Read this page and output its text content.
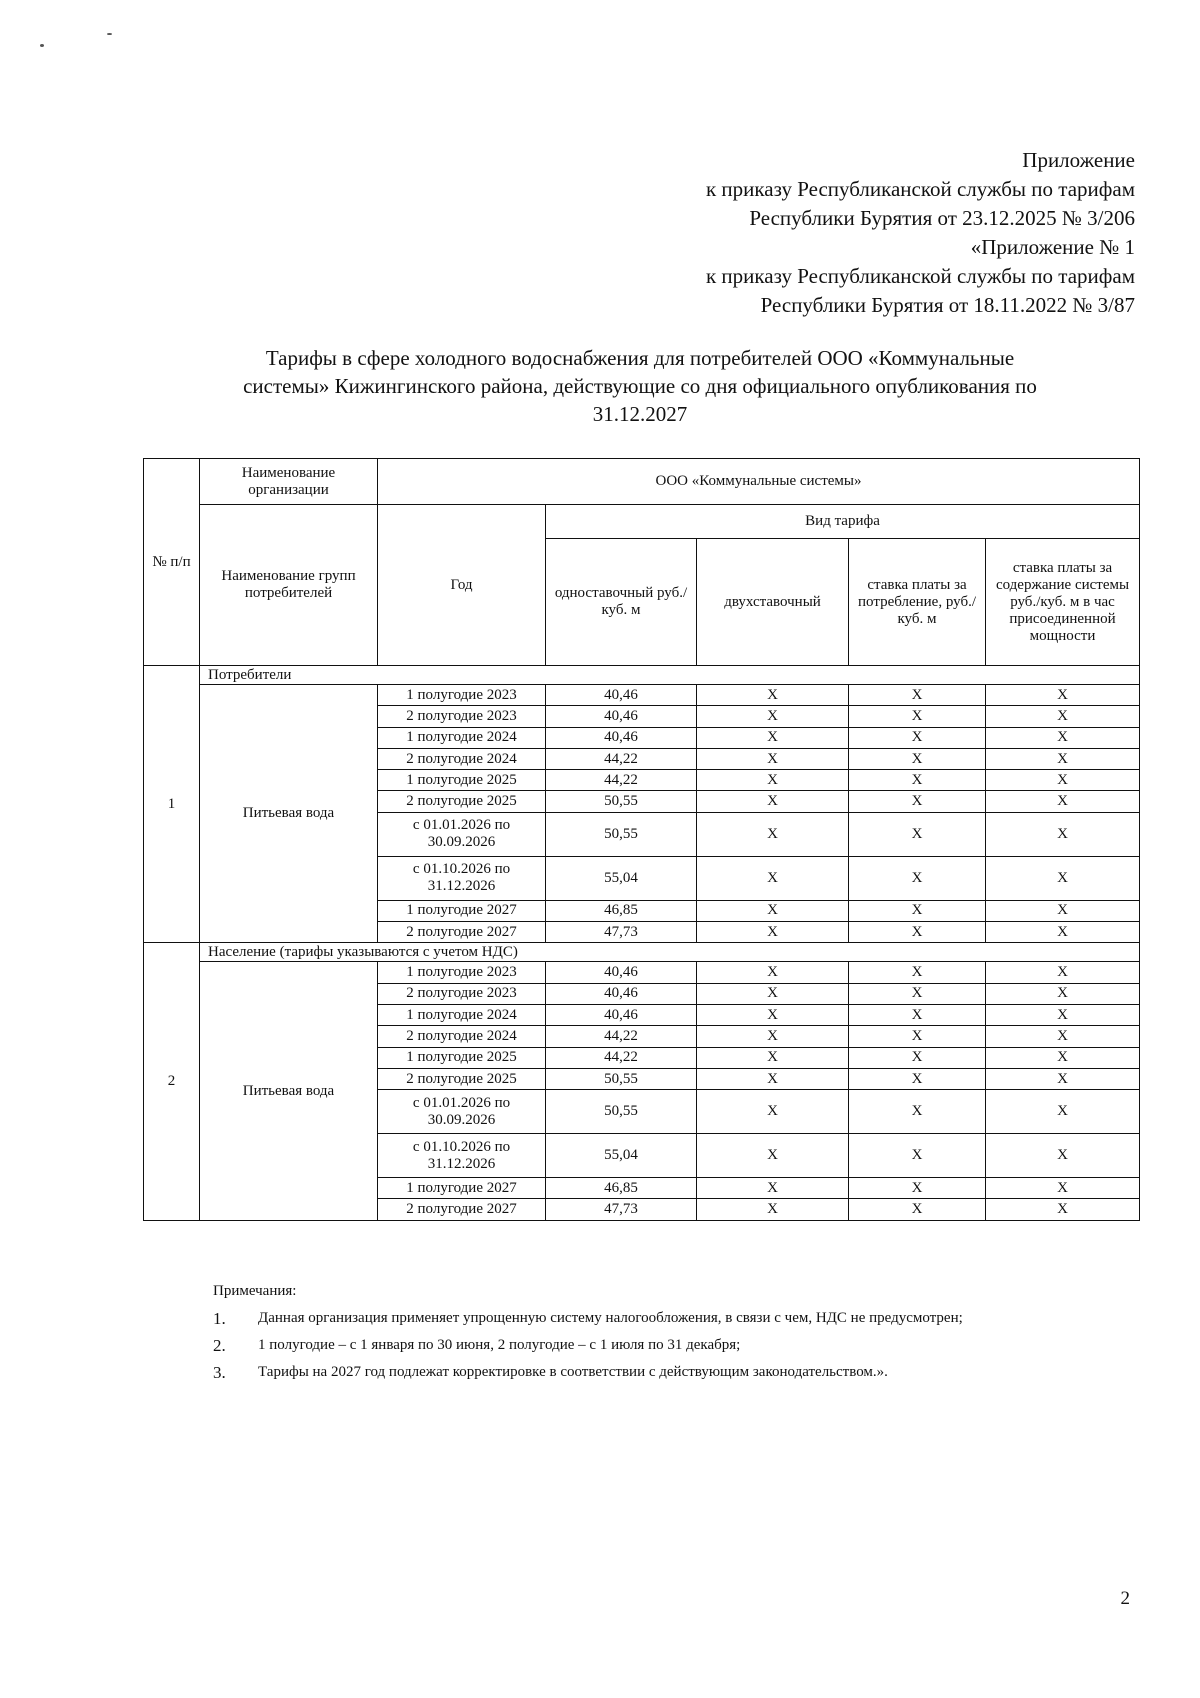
Приложение
к приказу Республиканской службы по тарифам
Республики Бурятия от 23.12.2025 № 3/206
«Приложение № 1
к приказу Республиканской службы по тарифам
Республики Бурятия от 18.11.2022 № 3/87
Тарифы в сфере холодного водоснабжения для потребителей ООО «Коммунальные
системы» Кижингинского района, действующие со дня официального опубликования по
31.12.2027
№ п/п	Наименование организации	ООО «Коммунальные системы»				
	Наименование групп потребителей	Год	Вид тарифа			
			одноставочный руб./ куб. м	двухставочный	ставка платы за потребление, руб./ куб. м	ставка платы за содержание системы руб./куб. м в час присоединенной мощности
1	Потребители					
	Питьевая вода	1 полугодие 2023	40,46	X	X	X
		2 полугодие 2023	40,46	X	X	X
		1 полугодие 2024	40,46	X	X	X
		2 полугодие 2024	44,22	X	X	X
		1 полугодие 2025	44,22	X	X	X
		2 полугодие 2025	50,55	X	X	X
		с 01.01.2026 по 30.09.2026	50,55	X	X	X
		с 01.10.2026 по 31.12.2026	55,04	X	X	X
		1 полугодие 2027	46,85	X	X	X
		2 полугодие 2027	47,73	X	X	X
2	Население (тарифы указываются с учетом НДС)					
	Питьевая вода	1 полугодие 2023	40,46	X	X	X
		2 полугодие 2023	40,46	X	X	X
		1 полугодие 2024	40,46	X	X	X
		2 полугодие 2024	44,22	X	X	X
		1 полугодие 2025	44,22	X	X	X
		2 полугодие 2025	50,55	X	X	X
		с 01.01.2026 по 30.09.2026	50,55	X	X	X
		с 01.10.2026 по 31.12.2026	55,04	X	X	X
		1 полугодие 2027	46,85	X	X	X
		2 полугодие 2027	47,73	X	X	X
Примечания:
1.	Данная организация применяет упрощенную систему налогообложения, в связи с чем, НДС не предусмотрен;
2.	1 полугодие – с 1 января по 30 июня, 2 полугодие – с 1 июля по 31 декабря;
3.	Тарифы на 2027 год подлежат корректировке в соответствии с действующим законодательством.».
2
